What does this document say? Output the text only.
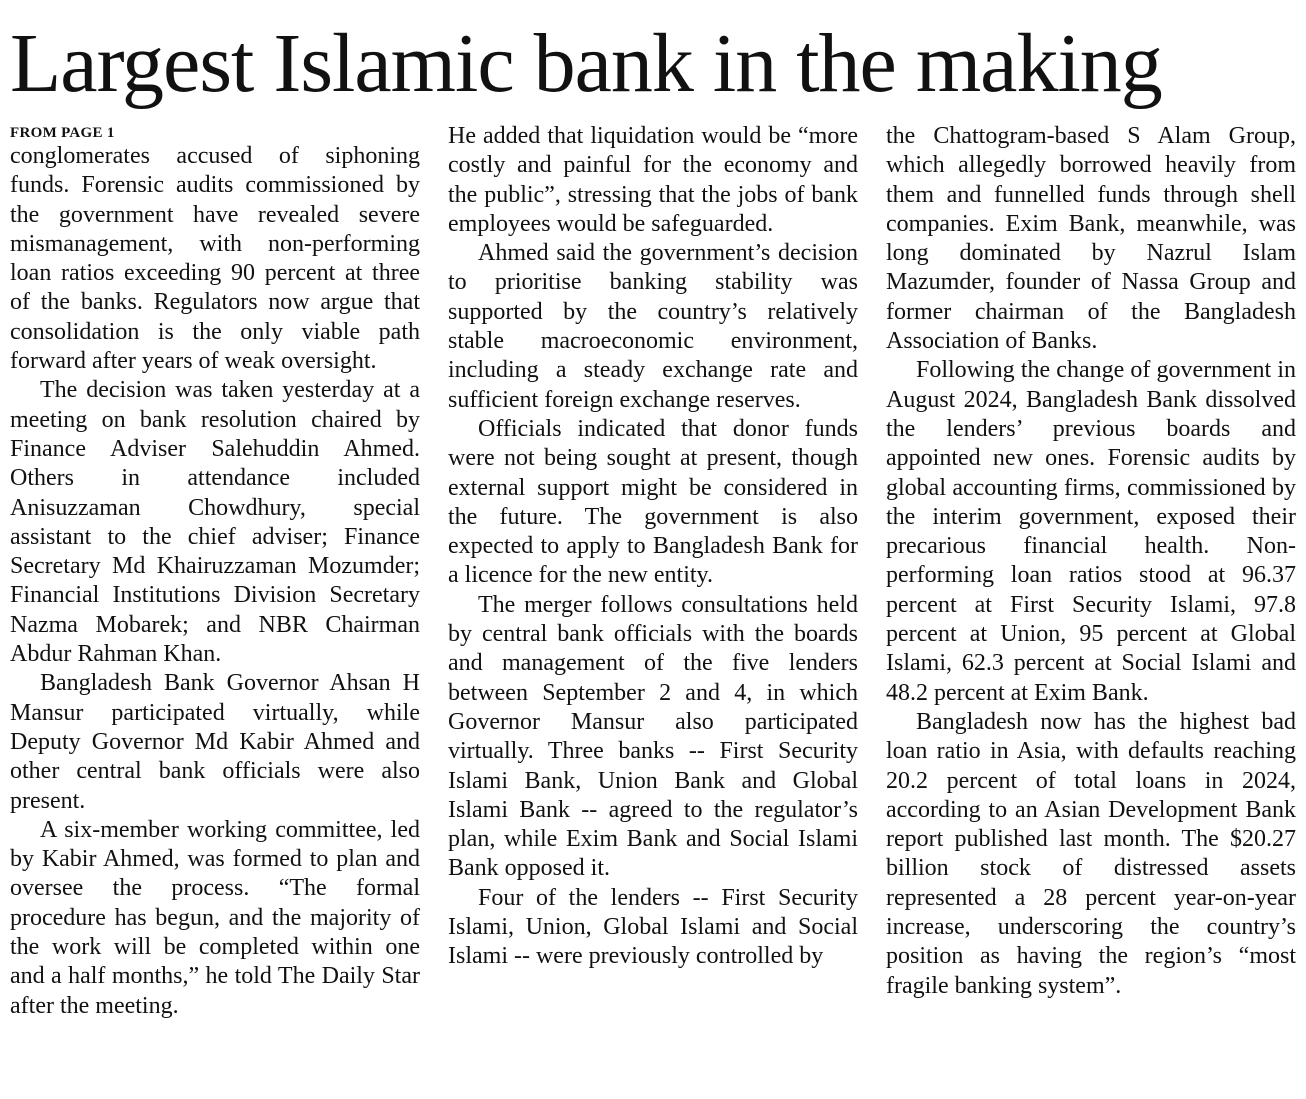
Largest Islamic bank in the making
FROM PAGE 1

conglomerates accused of siphoning funds. Forensic audits commissioned by the government have revealed severe mismanagement, with non-performing loan ratios exceeding 90 percent at three of the banks. Regulators now argue that consolidation is the only viable path forward after years of weak oversight.

The decision was taken yesterday at a meeting on bank resolution chaired by Finance Adviser Salehuddin Ahmed. Others in attendance included Anisuzzaman Chowdhury, special assistant to the chief adviser; Finance Secretary Md Khairuzzaman Mozumder; Financial Institutions Division Secretary Nazma Mobarek; and NBR Chairman Abdur Rahman Khan.

Bangladesh Bank Governor Ahsan H Mansur participated virtually, while Deputy Governor Md Kabir Ahmed and other central bank officials were also present.

A six-member working committee, led by Kabir Ahmed, was formed to plan and oversee the process. “The formal procedure has begun, and the majority of the work will be completed within one and a half months,” he told The Daily Star after the meeting.

He added that liquidation would be “more costly and painful for the economy and the public”, stressing that the jobs of bank employees would be safeguarded.

Ahmed said the government’s decision to prioritise banking stability was supported by the country’s relatively stable macroeconomic environment, including a steady exchange rate and sufficient foreign exchange reserves.

Officials indicated that donor funds were not being sought at present, though external support might be considered in the future. The government is also expected to apply to Bangladesh Bank for a licence for the new entity.

The merger follows consultations held by central bank officials with the boards and management of the five lenders between September 2 and 4, in which Governor Mansur also participated virtually. Three banks -- First Security Islami Bank, Union Bank and Global Islami Bank -- agreed to the regulator’s plan, while Exim Bank and Social Islami Bank opposed it.

Four of the lenders -- First Security Islami, Union, Global Islami and Social Islami -- were previously controlled by

the Chattogram-based S Alam Group, which allegedly borrowed heavily from them and funnelled funds through shell companies. Exim Bank, meanwhile, was long dominated by Nazrul Islam Mazumder, founder of Nassa Group and former chairman of the Bangladesh Association of Banks.

Following the change of government in August 2024, Bangladesh Bank dissolved the lenders’ previous boards and appointed new ones. Forensic audits by global accounting firms, commissioned by the interim government, exposed their precarious financial health. Non-performing loan ratios stood at 96.37 percent at First Security Islami, 97.8 percent at Union, 95 percent at Global Islami, 62.3 percent at Social Islami and 48.2 percent at Exim Bank.

Bangladesh now has the highest bad loan ratio in Asia, with defaults reaching 20.2 percent of total loans in 2024, according to an Asian Development Bank report published last month. The $20.27 billion stock of distressed assets represented a 28 percent year-on-year increase, underscoring the country’s position as having the region’s “most fragile banking system”.
